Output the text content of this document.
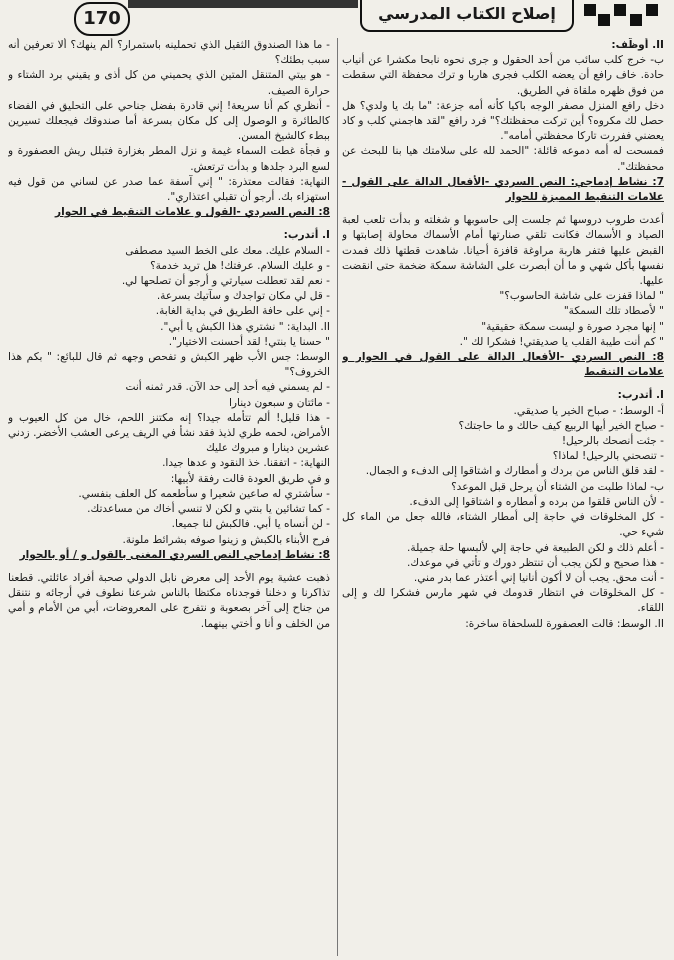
170	إصلاح الكتاب المدرسي
II. أوظّف:
ب- خرج كلب سائب من أحد الحقول و جرى نحوه نابحا مكشرا عن أنياب حادة. خاف رافع أن يعضه الكلب فجرى هاربا و ترك محفظة التي سقطت من فوق ظهره ملقاة في الطريق.
دخل رافع المنزل مصفر الوجه باكيا كأنه أمه جزعة: "ما بك يا ولدي؟ هل حصل لك مكروه؟ أين تركت محفظتك؟" فرد رافع "لقد هاجمني كلب و كاد يعضني ففررت تاركا محفظتي أمامه".
فمسحت له أمه دموعه قائلة: "الحمد لله على سلامتك هيا بنا للبحث عن محفظتك".
7: نشاط إدماجي: النص السردي -الأفعال الدالة على القول - علامات التنقيط المميزة للحوار
أعدت طروب دروسها ثم جلست إلى حاسوبها و شغلته و بدأت تلعب لعبة الصياد و الأسماك فكانت تلقي صنارتها أمام الأسماك محاولة إصابتها و القبض عليها فتفر هاربة مراوغة قافزة أحيانا. شاهدت قطتها ذلك فمدت نفسها بأكل شهي و ما أن أبصرت على الشاشة سمكة ضخمة حتى انقضت عليها.
" لماذا قفزت على شاشة الحاسوب؟"
" لأصطاد تلك السمكة"
" إنها مجرد صورة و ليست سمكة حقيقية"
" كم أنت طيبة القلب يا صديقتي! فشكرا لك ".
8: النص السردي -الأفعال الدالة على القول في الحوار و علامات التنقيط
I. أتدرب:
أ- الوسط: - صباح الخير يا صديقي.
- صباح الخير أيها الربيع كيف حالك و ما حاجتك؟
- جئت أنصحك بالرحيل!
- تنصحني بالرحيل! لماذا؟
- لقد قلق الناس من بردك و أمطارك و اشتاقوا إلى الدفء و الجمال.
ب- لماذا طلبت من الشتاء أن يرحل قبل الموعد؟
- لأن الناس قلقوا من برده و أمطاره و اشتاقوا إلى الدفء.
- كل المخلوقات في حاجة إلى أمطار الشتاء، فالله جعل من الماء كل شيء حي.
- أعلم ذلك و لكن الطبيعة في حاجة إلي لألبسها حلة جميلة.
- هذا صحيح و لكن يجب أن تنتظر دورك و تأتي في موعدك.
- أنت محق. يجب أن لا أكون أنانيا إني أعتذر عما بدر مني.
- كل المخلوقات في انتظار قدومك في شهر مارس فشكرا لك و إلى اللقاء.
II. الوسط: قالت العصفورة للسلحفاة ساخرة:
- ما هذا الصندوق الثقيل الذي تحملينه باستمرار؟ ألم ينهك؟ ألا تعرفين أنه سبب بطئك؟
- هو بيتي المتنقل المتين الذي يحميني من كل أذى و يقيني برد الشتاء و حرارة الصيف.
- أنظري كم أنا سريعة! إني قادرة بفضل جناحي على التحليق في الفضاء كالطائرة و الوصول إلى كل مكان بسرعة أما صندوقك فيجعلك تسيرين ببطء كالشيخ المسن.
و فجأة غطت السماء غيمة و نزل المطر بغزارة فتبلل ريش العصفورة و لسع البرد جلدها و بدأت ترتعش.
النهاية: فقالت معتذرة: " إني آسفة عما صدر عن لساني من قول فيه استهزاء بك. أرجو أن تقبلي اعتذاري".
8: النص السردي -القول و علامات التنقيط في الحوار
I. أتدرب:
- السلام عليك. معك على الخط السيد مصطفى
- و عليك السلام. عرفتك! هل تريد خدمة؟
- نعم لقد تعطلت سيارتي و أرجو أن تصلحها لي.
- قل لي مكان تواجدك و سآتيك بسرعة.
- إني على حافة الطريق في بداية الغابة.
II. البداية: " نشتري هذا الكبش يا أبي".
" حسنا يا بنتي! لقد أحسنت الاختيار".
الوسط: جس الأب ظهر الكبش و تفحص وجهه ثم قال للبائع: " بكم هذا الخروف؟"
- لم يسمني فيه أحد إلى حد الآن. قدر ثمنه أنت
- مائتان و سبعون دينارا
- هذا قليل! ألم تتأمله جيدا؟ إنه مكتنز اللحم، خال من كل العيوب و الأمراض، لحمه طري لذيذ فقد نشأ في الريف يرعى العشب الأخضر. زدني عشرين دينارا و مبروك عليك
النهاية: - اتفقنا. خذ النقود و عدها جيدا.
و في طريق العودة قالت رفقة لأبيها:
- سأشتري له صاعين شعيرا و سأطعمه كل العلف بنفسي.
- كما تشائين يا بنتي و لكن لا تنسي أخاك من مساعدتك.
- لن أنساه يا أبي. فالكبش لنا جميعا.
فرح الأبناء بالكبش و زينوا صوفه بشرائط ملونة.
8: نشاط إدماجي النص السردي المغنى بالقول و / أو بالحوار
ذهبت عشية يوم الأحد إلى معرض نابل الدولي صحبة أفراد عائلتي. قطعنا تذاكرنا و دخلنا فوجدناه مكتظا بالناس شرعنا نطوف في أرجائه و نتنقل من جناح إلى آخر بصعوبة و نتفرج على المعروضات، أبي من الأمام و أمي من الخلف و أنا و أختي بينهما.
